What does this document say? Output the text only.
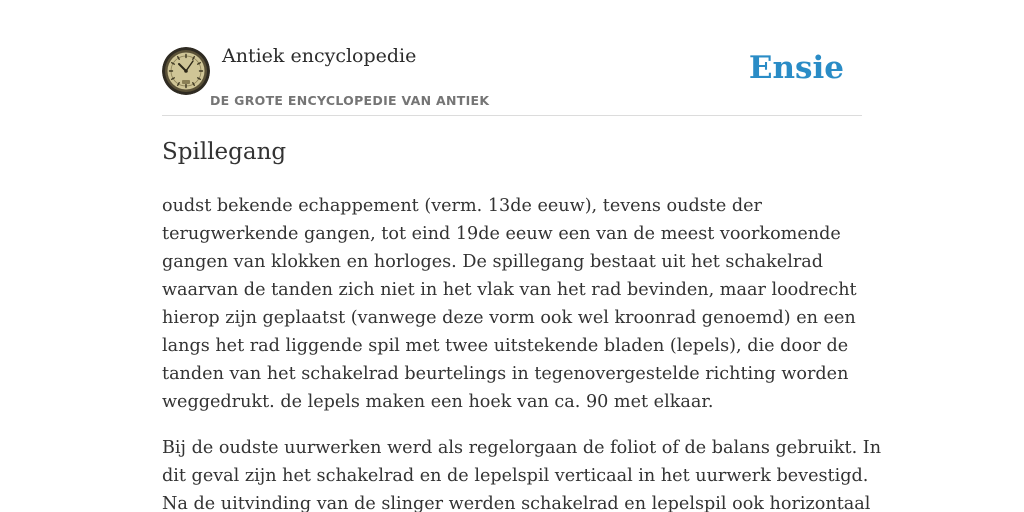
Antiek encyclopedie
DE GROTE ENCYCLOPEDIE VAN ANTIEK
Ensie
Spillegang

oudst bekende echappement (verm. 13de eeuw), tevens oudste der
terugwerkende gangen, tot eind 19de eeuw een van de meest voorkomende
gangen van klokken en horloges. De spillegang bestaat uit het schakelrad
waarvan de tanden zich niet in het vlak van het rad bevinden, maar loodrecht
hierop zijn geplaatst (vanwege deze vorm ook wel kroonrad genoemd) en een
langs het rad liggende spil met twee uitstekende bladen (lepels), die door de
tanden van het schakelrad beurtelings in tegenovergestelde richting worden
weggedrukt. de lepels maken een hoek van ca. 90 met elkaar.

Bij de oudste uurwerken werd als regelorgaan de foliot of de balans gebruikt. In
dit geval zijn het schakelrad en de lepelspil verticaal in het uurwerk bevestigd.
Na de uitvinding van de slinger werden schakelrad en lepelspil ook horizontaal
